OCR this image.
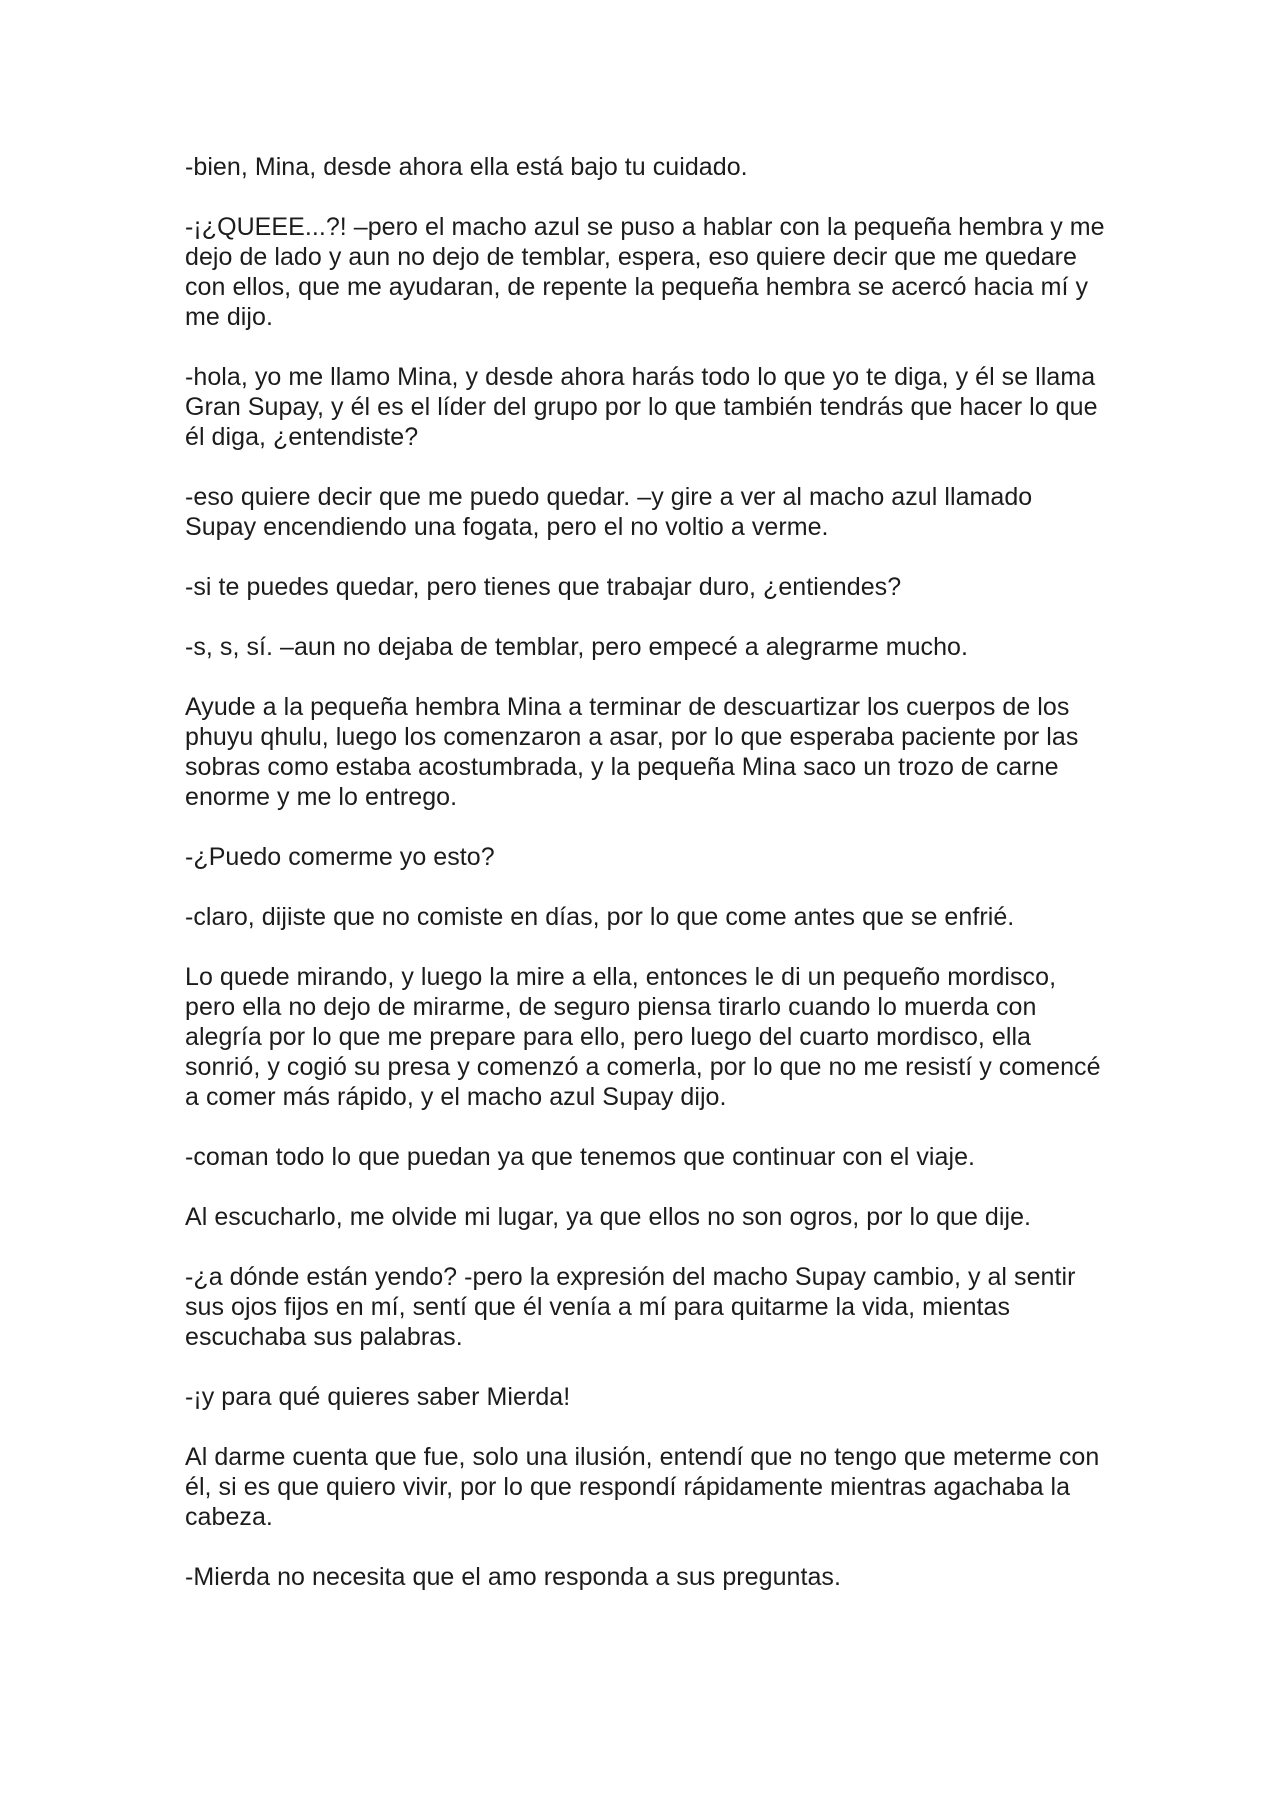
-bien, Mina, desde ahora ella está bajo tu cuidado.

-¡¿QUEEE...?! –pero el macho azul se puso a hablar con la pequeña hembra y me dejo de lado y aun no dejo de temblar, espera, eso quiere decir que me quedare con ellos, que me ayudaran, de repente la pequeña hembra se acercó hacia mí y me dijo.

-hola, yo me llamo Mina, y desde ahora harás todo lo que yo te diga, y él se llama Gran Supay, y él es el líder del grupo por lo que también tendrás que hacer lo que él diga, ¿entendiste?

-eso quiere decir que me puedo quedar. –y gire a ver al macho azul llamado Supay encendiendo una fogata, pero el no voltio a verme.

-si te puedes quedar, pero tienes que trabajar duro, ¿entiendes?

-s, s, sí. –aun no dejaba de temblar, pero empecé a alegrarme mucho.

Ayude a la pequeña hembra Mina a terminar de descuartizar los cuerpos de los phuyu qhulu, luego los comenzaron a asar, por lo que esperaba paciente por las sobras como estaba acostumbrada, y la pequeña Mina saco un trozo de carne enorme y me lo entrego.

-¿Puedo comerme yo esto?

-claro, dijiste que no comiste en días, por lo que come antes que se enfrié.

Lo quede mirando, y luego la mire a ella, entonces le di un pequeño mordisco, pero ella no dejo de mirarme, de seguro piensa tirarlo cuando lo muerda con alegría por lo que me prepare para ello, pero luego del cuarto mordisco, ella sonrió, y cogió su presa y comenzó a comerla, por lo que no me resistí y comencé a comer más rápido, y el macho azul Supay dijo.

-coman todo lo que puedan ya que tenemos que continuar con el viaje.

Al escucharlo, me olvide mi lugar, ya que ellos no son ogros, por lo que dije.

-¿a dónde están yendo? -pero la expresión del macho Supay cambio, y al sentir sus ojos fijos en mí, sentí que él venía a mí para quitarme la vida, mientas escuchaba sus palabras.

-¡y para qué quieres saber Mierda!

Al darme cuenta que fue, solo una ilusión, entendí que no tengo que meterme con él, si es que quiero vivir, por lo que respondí rápidamente mientras agachaba la cabeza.

-Mierda no necesita que el amo responda a sus preguntas.
